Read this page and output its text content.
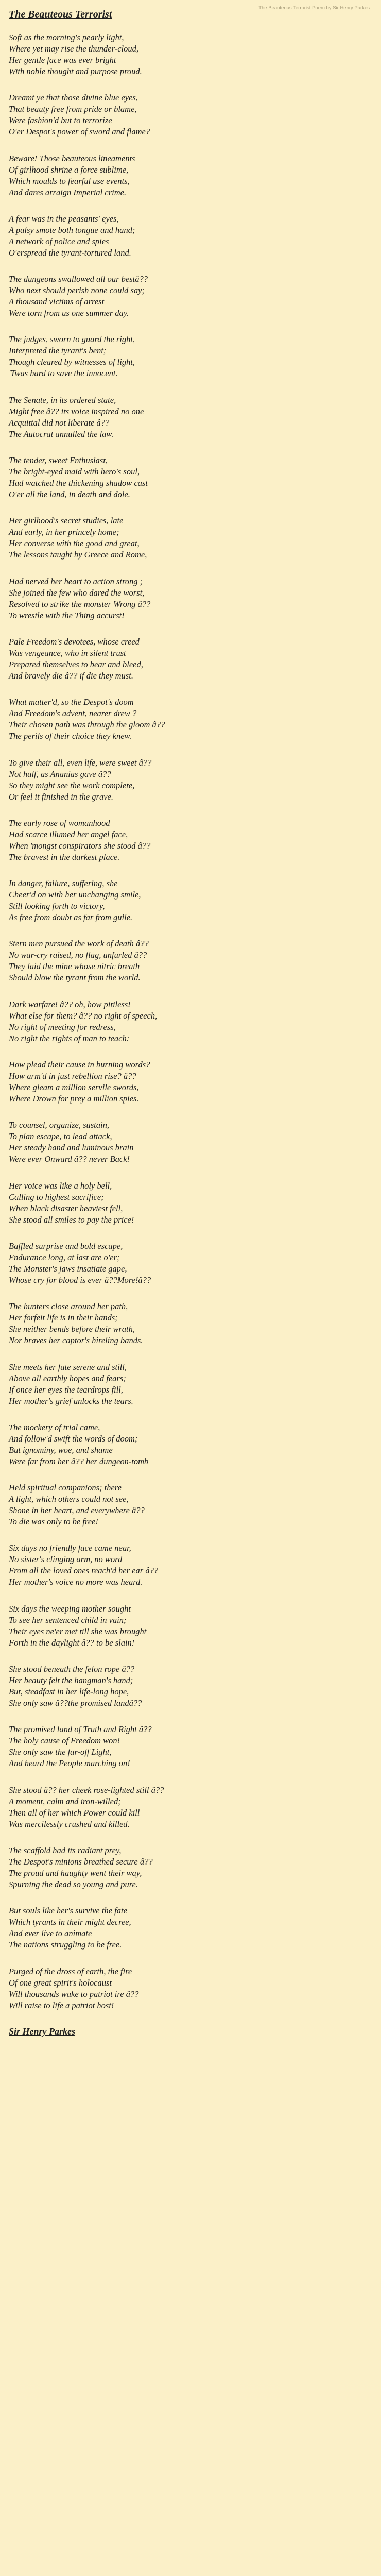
The Beauteous Terrorist Poem by Sir Henry Parkes
The Beauteous Terrorist
Soft as the morning's pearly light,
Where yet may rise the thunder-cloud,
Her gentle face was ever bright
With noble thought and purpose proud.
Dreamt ye that those divine blue eyes,
That beauty free from pride or blame,
Were fashion'd but to terrorize
O'er Despot's power of sword and flame?
Beware! Those beauteous lineaments
Of girlhood shrine a force sublime,
Which moulds to fearful use events,
And dares arraign Imperial crime.
A fear was in the peasants' eyes,
A palsy smote both tongue and hand;
A network of police and spies
O'erspread the tyrant-tortured land.
The dungeons swallowed all our bestâ??
Who next should perish none could say;
A thousand victims of arrest
Were torn from us one summer day.
The judges, sworn to guard the right,
Interpreted the tyrant's bent;
Though cleared by witnesses of light,
'Twas hard to save the innocent.
The Senate, in its ordered state,
Might free â?? its voice inspired no one
Acquittal did not liberate â??
The Autocrat annulled the law.
The tender, sweet Enthusiast,
The bright-eyed maid with hero's soul,
Had watched the thickening shadow cast
O'er all the land, in death and dole.
Her girlhood's secret studies, late
And early, in her princely home;
Her converse with the good and great,
The lessons taught by Greece and Rome,
Had nerved her heart to action strong ;
She joined the few who dared the worst,
Resolved to strike the monster Wrong â??
To wrestle with the Thing accurst!
Pale Freedom's devotees, whose creed
Was vengeance, who in silent trust
Prepared themselves to bear and bleed,
And bravely die â?? if die they must.
What matter'd, so the Despot's doom
And Freedom's advent, nearer drew ?
Their chosen path was through the gloom â??
The perils of their choice they knew.
To give their all, even life, were sweet â??
Not half, as Ananias gave â??
So they might see the work complete,
Or feel it finished in the grave.
The early rose of womanhood
Had scarce illumed her angel face,
When 'mongst conspirators she stood â??
The bravest in the darkest place.
In danger, failure, suffering, she
Cheer'd on with her unchanging smile,
Still looking forth to victory,
As free from doubt as far from guile.
Stern men pursued the work of death â??
No war-cry raised, no flag, unfurled â??
They laid the mine whose nitric breath
Should blow the tyrant from the world.
Dark warfare! â?? oh, how pitiless!
What else for them? â?? no right of speech,
No right of meeting for redress,
No right the rights of man to teach:
How plead their cause in burning words?
How arm'd in just rebellion rise? â??
Where gleam a million servile swords,
Where Drown for prey a million spies.
To counsel, organize, sustain,
To plan escape, to lead attack,
Her steady hand and luminous brain
Were ever Onward â?? never Back!
Her voice was like a holy bell,
Calling to highest sacrifice;
When black disaster heaviest fell,
She stood all smiles to pay the price!
Baffled surprise and bold escape,
Endurance long, at last are o'er;
The Monster's jaws insatiate gape,
Whose cry for blood is ever â??More!â??
The hunters close around her path,
Her forfeit life is in their hands;
She neither bends before their wrath,
Nor braves her captor's hireling bands.
She meets her fate serene and still,
Above all earthly hopes and fears;
If once her eyes the teardrops fill,
Her mother's grief unlocks the tears.
The mockery of trial came,
And follow'd swift the words of doom;
But ignominy, woe, and shame
Were far from her â?? her dungeon-tomb
Held spiritual companions; there
A light, which others could not see,
Shone in her heart, and everywhere â??
To die was only to be free!
Six days no friendly face came near,
No sister's clinging arm, no word
From all the loved ones reach'd her ear â??
Her mother's voice no more was heard.
Six days the weeping mother sought
To see her sentenced child in vain;
Their eyes ne'er met till she was brought
Forth in the daylight â?? to be slain!
She stood beneath the felon rope â??
Her beauty felt the hangman's hand;
But, steadfast in her life-long hope,
She only saw â??the promised landâ??
The promised land of Truth and Right â??
The holy cause of Freedom won!
She only saw the far-off Light,
And heard the People marching on!
She stood â?? her cheek rose-lighted still â??
A moment, calm and iron-willed;
Then all of her which Power could kill
Was mercilessly crushed and killed.
The scaffold had its radiant prey,
The Despot's minions breathed secure â??
The proud and haughty went their way,
Spurning the dead so young and pure.
But souls like her's survive the fate
Which tyrants in their might decree,
And ever live to animate
The nations struggling to be free.
Purged of the dross of earth, the fire
Of one great spirit's holocaust
Will thousands wake to patriot ire â??
Will raise to life a patriot host!
Sir Henry Parkes
